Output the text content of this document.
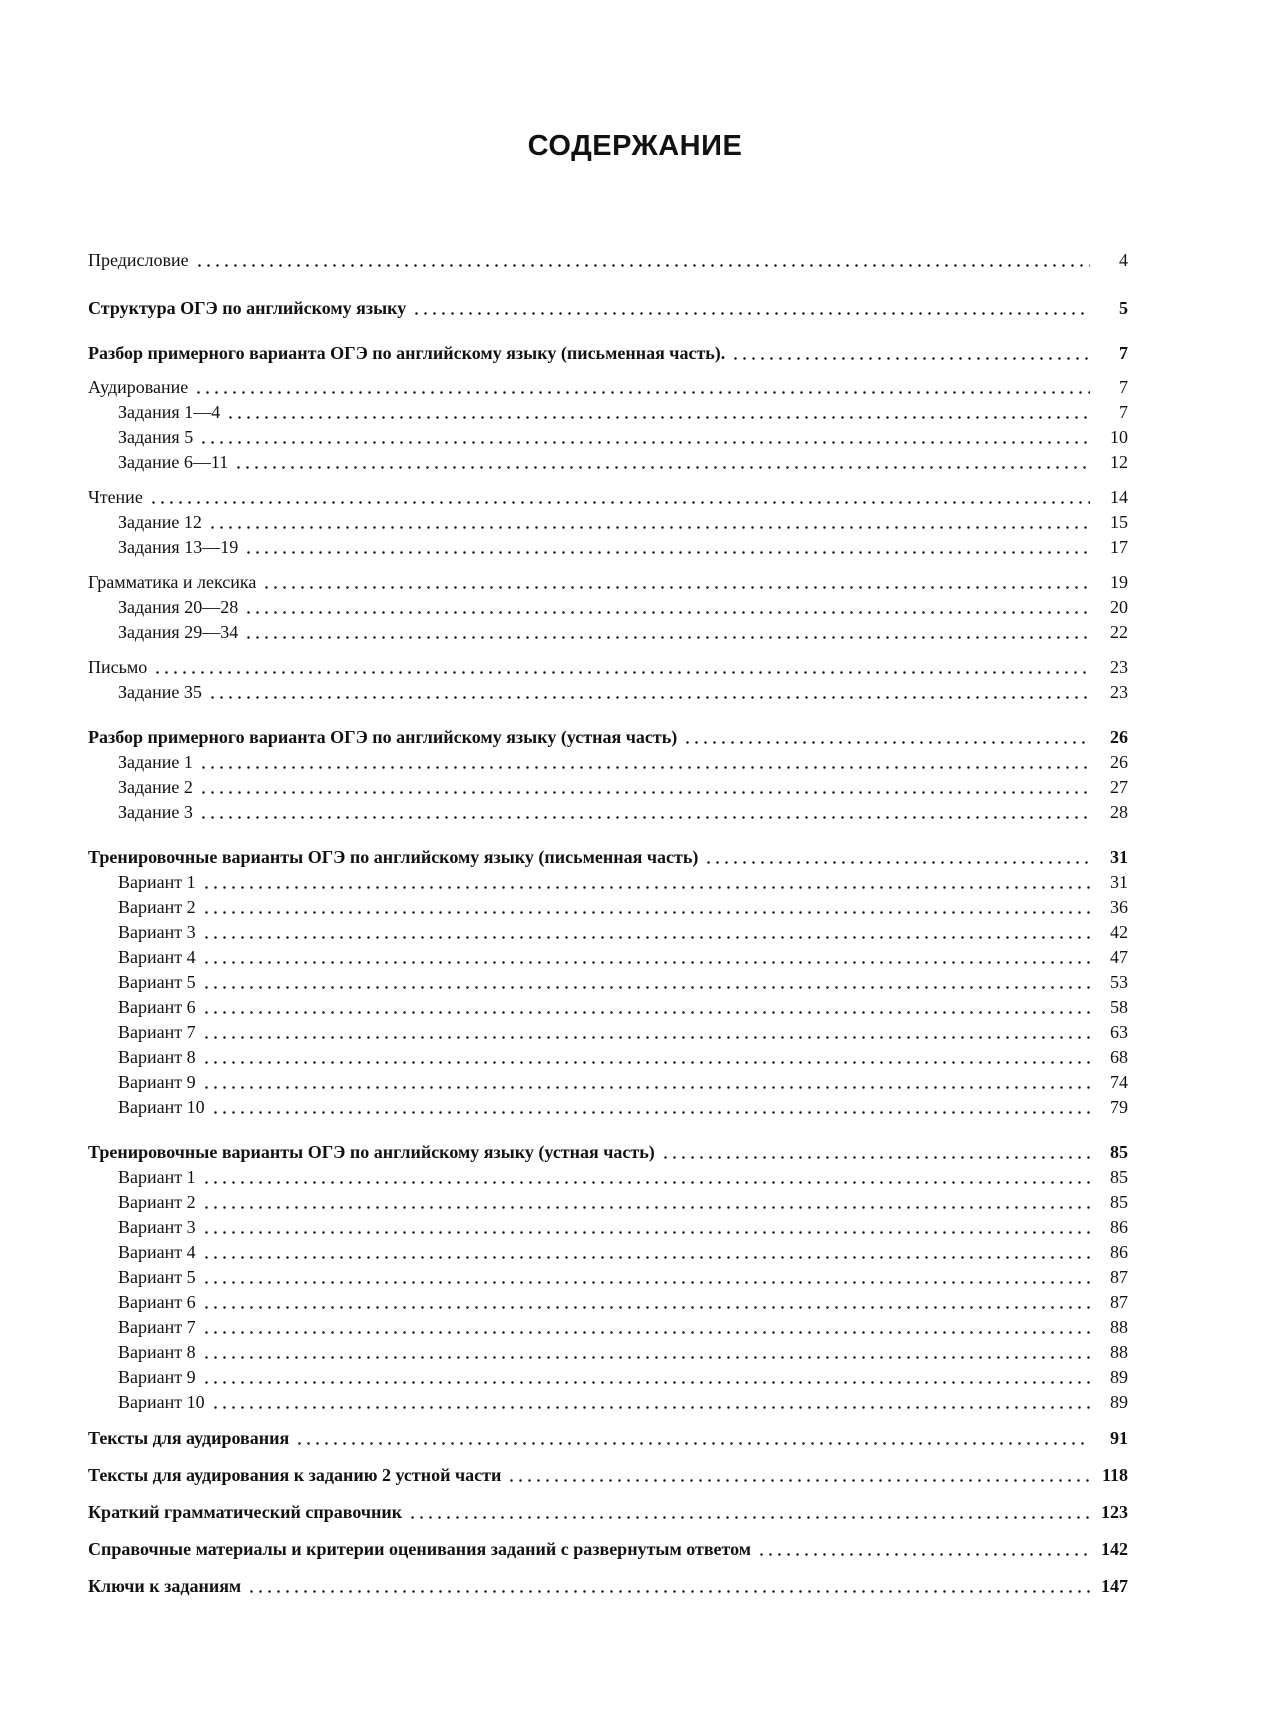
СОДЕРЖАНИЕ
Предисловие	4
Структура ОГЭ по английскому языку	5
Разбор примерного варианта ОГЭ по английскому языку (письменная часть).	7
Аудирование	7
Задания 1—4	7
Задания 5	10
Задание 6—11	12
Чтение	14
Задание 12	15
Задания 13—19	17
Грамматика и лексика	19
Задания 20—28	20
Задания 29—34	22
Письмо	23
Задание 35	23
Разбор примерного варианта ОГЭ по английскому языку (устная часть)	26
Задание 1	26
Задание 2	27
Задание 3	28
Тренировочные варианты ОГЭ по английскому языку (письменная часть)	31
Вариант 1	31
Вариант 2	36
Вариант 3	42
Вариант 4	47
Вариант 5	53
Вариант 6	58
Вариант 7	63
Вариант 8	68
Вариант 9	74
Вариант 10	79
Тренировочные варианты ОГЭ по английскому языку (устная часть)	85
Вариант 1	85
Вариант 2	85
Вариант 3	86
Вариант 4	86
Вариант 5	87
Вариант 6	87
Вариант 7	88
Вариант 8	88
Вариант 9	89
Вариант 10	89
Тексты для аудирования	91
Тексты для аудирования к заданию 2 устной части	118
Краткий грамматический справочник	123
Справочные материалы и критерии оценивания заданий с развернутым ответом	142
Ключи к заданиям	147
